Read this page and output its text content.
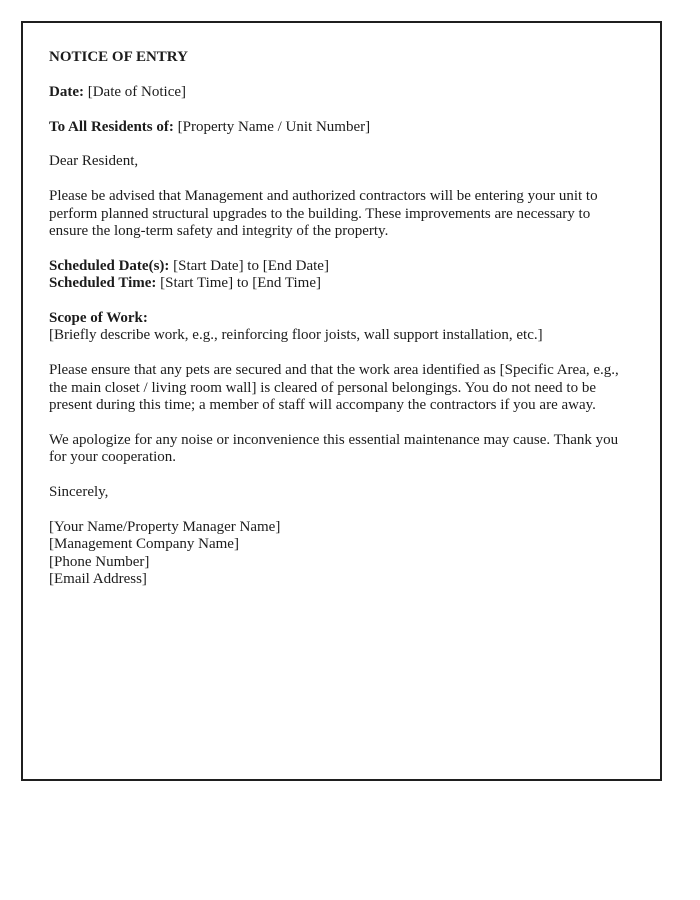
NOTICE OF ENTRY

Date: [Date of Notice]

To All Residents of: [Property Name / Unit Number]

Dear Resident,

Please be advised that Management and authorized contractors will be entering your unit to perform planned structural upgrades to the building. These improvements are necessary to ensure the long-term safety and integrity of the property.

Scheduled Date(s): [Start Date] to [End Date]
Scheduled Time: [Start Time] to [End Time]

Scope of Work:
[Briefly describe work, e.g., reinforcing floor joists, wall support installation, etc.]

Please ensure that any pets are secured and that the work area identified as [Specific Area, e.g., the main closet / living room wall] is cleared of personal belongings. You do not need to be present during this time; a member of staff will accompany the contractors if you are away.

We apologize for any noise or inconvenience this essential maintenance may cause. Thank you for your cooperation.

Sincerely,

[Your Name/Property Manager Name]
[Management Company Name]
[Phone Number]
[Email Address]
